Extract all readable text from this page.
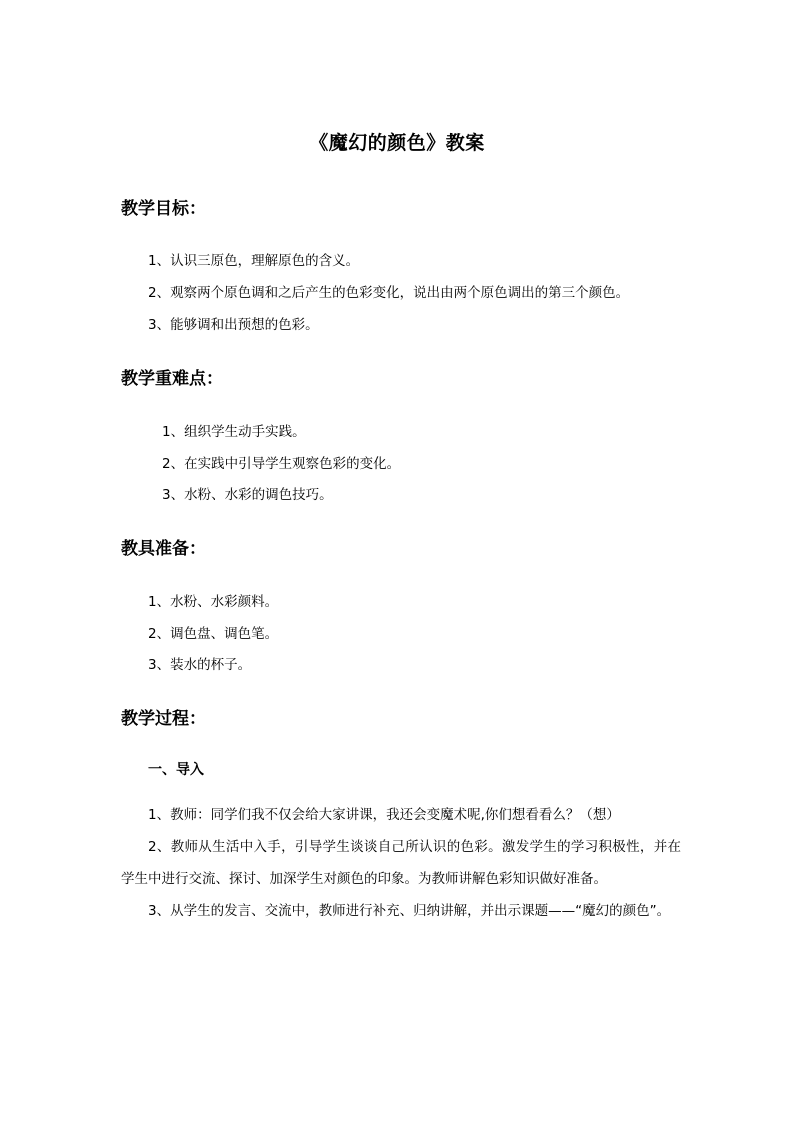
《魔幻的颜色》教案
教学目标：
1、认识三原色，理解原色的含义。
2、观察两个原色调和之后产生的色彩变化，说出由两个原色调出的第三个颜色。
3、能够调和出预想的色彩。
教学重难点：
1、组织学生动手实践。
2、在实践中引导学生观察色彩的变化。
3、水粉、水彩的调色技巧。
教具准备：
1、水粉、水彩颜料。
2、调色盘、调色笔。
3、装水的杯子。
教学过程：
一、导入
1、教师：同学们我不仅会给大家讲课，我还会变魔术呢,你们想看看么？（想）
2、教师从生活中入手，引导学生谈谈自己所认识的色彩。激发学生的学习积极性，并在学生中进行交流、探讨、加深学生对颜色的印象。为教师讲解色彩知识做好准备。
3、从学生的发言、交流中，教师进行补充、归纳讲解，并出示课题——“魔幻的颜色”。
